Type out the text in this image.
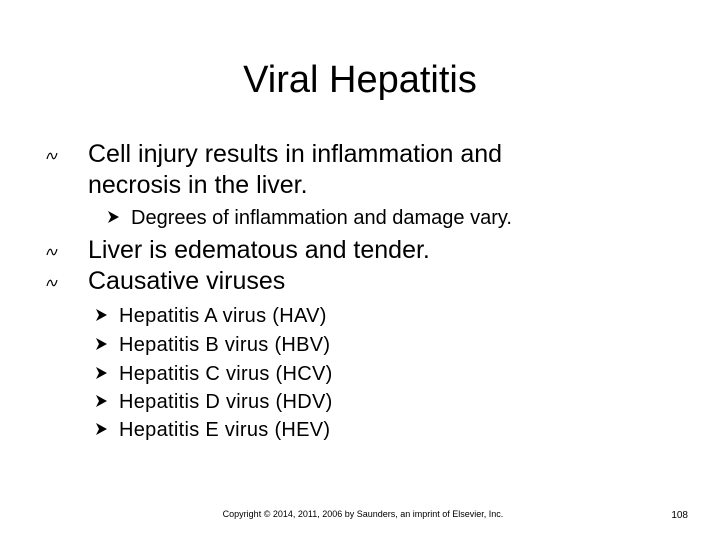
Viral Hepatitis
Cell injury results in inflammation and
necrosis in the liver.
Degrees of inflammation and damage vary.
Liver is edematous and tender.
Causative viruses
Hepatitis A virus (HAV)
Hepatitis B virus (HBV)
Hepatitis C virus (HCV)
Hepatitis D virus (HDV)
Hepatitis E virus (HEV)
Copyright © 2014, 2011, 2006 by Saunders, an imprint of Elsevier, Inc.	108
